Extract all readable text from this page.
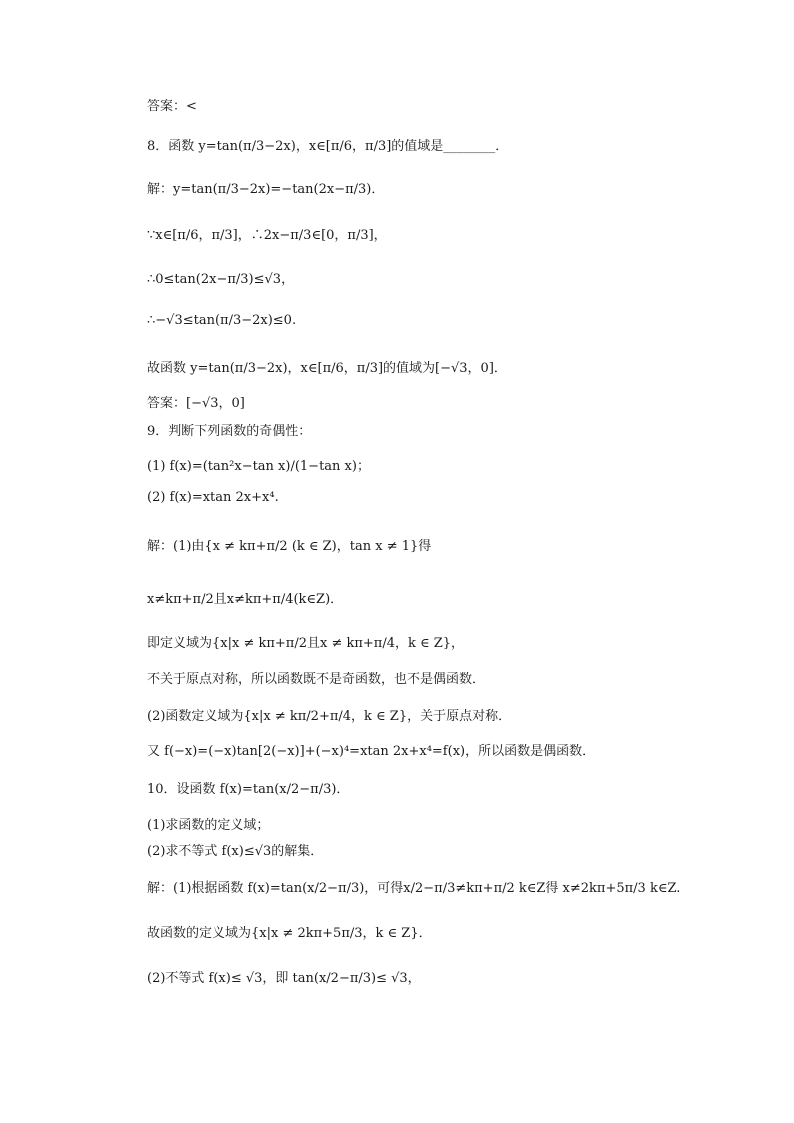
答案：<
8．函数 y=tan(π/3−2x)，x∈[π/6，π/3]的值域是________．
解：y=tan(π/3−2x)=−tan(2x−π/3)．
∵x∈[π/6，π/3]，∴2x−π/3∈[0，π/3]，
∴0≤tan(2x−π/3)≤√3，
∴−√3≤tan(π/3−2x)≤0.
故函数 y=tan(π/3−2x)，x∈[π/6，π/3]的值域为[−√3，0]．
答案：[−√3，0]
9．判断下列函数的奇偶性：
(1) f(x)=(tan²x−tan x)/(1−tan x)；
(2) f(x)=xtan 2x+x⁴.
解：(1)由{x ≠ kπ+π/2 (k ∈ Z)，tan x ≠ 1}得
x≠kπ+π/2且x≠kπ+π/4(k∈Z)．
即定义域为{x|x ≠ kπ+π/2且x ≠ kπ+π/4，k ∈ Z}，
不关于原点对称，所以函数既不是奇函数，也不是偶函数．
(2)函数定义域为{x|x ≠ kπ/2+π/4，k ∈ Z}，关于原点对称．
又 f(−x)=(−x)tan[2(−x)]+(−x)⁴=xtan 2x+x⁴=f(x)，所以函数是偶函数．
10．设函数 f(x)=tan(x/2−π/3)．
(1)求函数的定义域；
(2)求不等式 f(x)≤√3的解集．
解：(1)根据函数 f(x)=tan(x/2−π/3)，可得x/2−π/3≠kπ+π/2 k∈Z得 x≠2kπ+5π/3 k∈Z.
故函数的定义域为{x|x ≠ 2kπ+5π/3，k ∈ Z}．
(2)不等式 f(x)≤ √3，即 tan(x/2−π/3)≤ √3，
